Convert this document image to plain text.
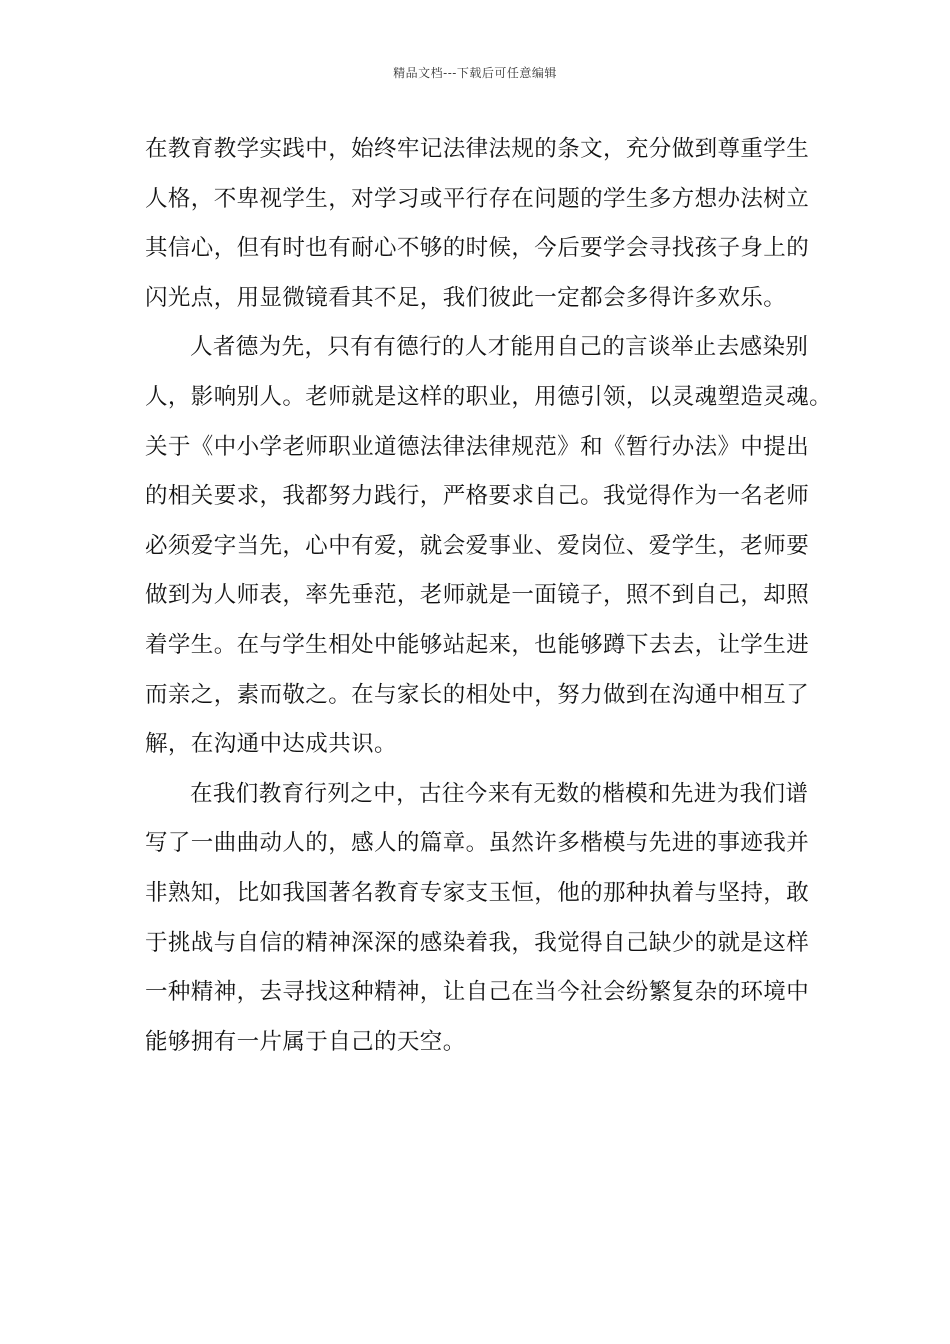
精品文档---下载后可任意编辑
在教育教学实践中，始终牢记法律法规的条文，充分做到尊重学生
人格，不卑视学生，对学习或平行存在问题的学生多方想办法树立
其信心，但有时也有耐心不够的时候，今后要学会寻找孩子身上的
闪光点，用显微镜看其不足，我们彼此一定都会多得许多欢乐。
人者德为先，只有有德行的人才能用自己的言谈举止去感染别
人，影响别人。老师就是这样的职业，用德引领，以灵魂塑造灵魂。
关于《中小学老师职业道德法律法律规范》和《暂行办法》中提出
的相关要求，我都努力践行，严格要求自己。我觉得作为一名老师
必须爱字当先，心中有爱，就会爱事业、爱岗位、爱学生，老师要
做到为人师表，率先垂范，老师就是一面镜子，照不到自己，却照
着学生。在与学生相处中能够站起来，也能够蹲下去去，让学生进
而亲之，素而敬之。在与家长的相处中，努力做到在沟通中相互了
解，在沟通中达成共识。
在我们教育行列之中，古往今来有无数的楷模和先进为我们谱
写了一曲曲动人的，感人的篇章。虽然许多楷模与先进的事迹我并
非熟知，比如我国著名教育专家支玉恒，他的那种执着与坚持，敢
于挑战与自信的精神深深的感染着我，我觉得自己缺少的就是这样
一种精神，去寻找这种精神，让自己在当今社会纷繁复杂的环境中
能够拥有一片属于自己的天空。
